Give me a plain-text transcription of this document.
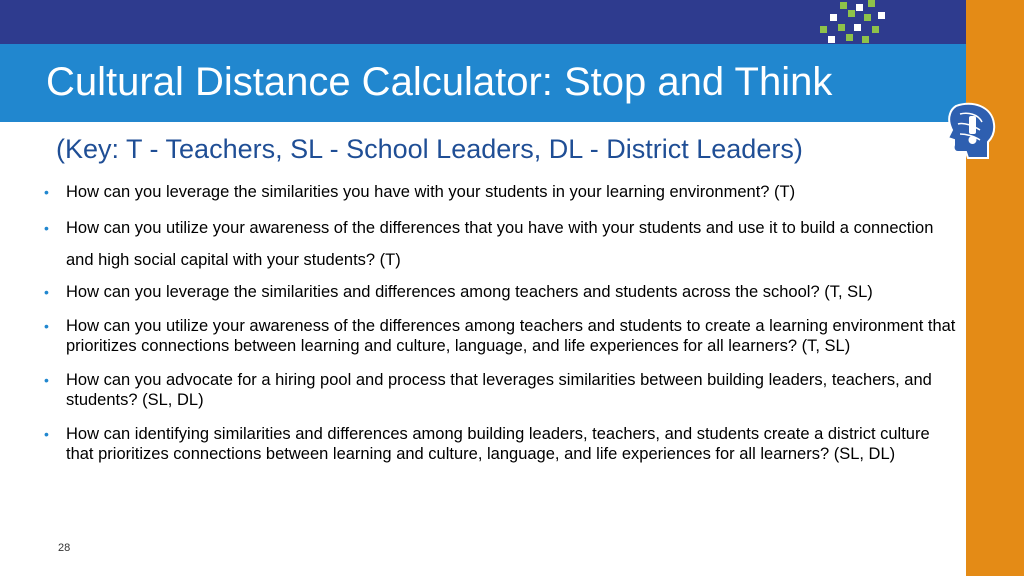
Cultural Distance Calculator: Stop and Think
(Key: T - Teachers, SL - School Leaders, DL - District Leaders)
• How can you leverage the similarities you have with your students in your learning environment? (T)
• How can you utilize your awareness of the differences that you have with your students and use it to build a connection and high social capital with your students? (T)
• How can you leverage the similarities and differences among teachers and students across the school? (T, SL)
• How can you utilize your awareness of the differences among teachers and students to create a learning environment that prioritizes connections between learning and culture, language, and life experiences for all learners? (T, SL)
• How can you advocate for a hiring pool and process that leverages similarities between building leaders, teachers, and students? (SL, DL)
• How can identifying similarities and differences among building leaders, teachers, and students create a district culture that prioritizes connections between learning and culture, language, and life experiences for all learners? (SL, DL)
28
